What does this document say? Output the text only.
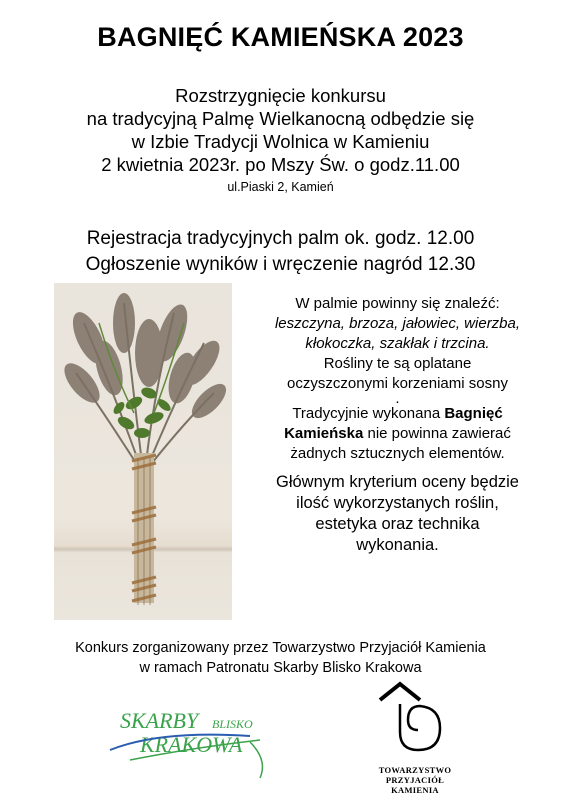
BAGNIĘĆ KAMIEŃSKA 2023
Rozstrzygnięcie konkursu
na tradycyjną Palmę Wielkanocną odbędzie się
w Izbie Tradycji Wolnica w Kamieniu
2 kwietnia 2023r. po Mszy Św. o godz.11.00
ul.Piaski 2, Kamień
Rejestracja tradycyjnych palm ok. godz. 12.00
Ogłoszenie wyników i wręczenie nagród 12.30
W palmie powinny się znaleźć:
leszczyna, brzoza, jałowiec, wierzba,
kłokoczka, szakłak i trzcina.
Rośliny te są oplatane
oczyszczonymi korzeniami sosny
.
Tradycyjnie wykonana Bagnięć
Kamieńska nie powinna zawierać
żadnych sztucznych elementów.
Głównym kryterium oceny będzie
ilość wykorzystanych roślin,
estetyka oraz technika
wykonania.
Konkurs zorganizowany przez Towarzystwo Przyjaciół Kamienia
w ramach Patronatu Skarby Blisko Krakowa
SKARBY BLISKO
KRAKOWA
TOWARZYSTWO
PRZYJACIÓŁ
KAMIENIA
